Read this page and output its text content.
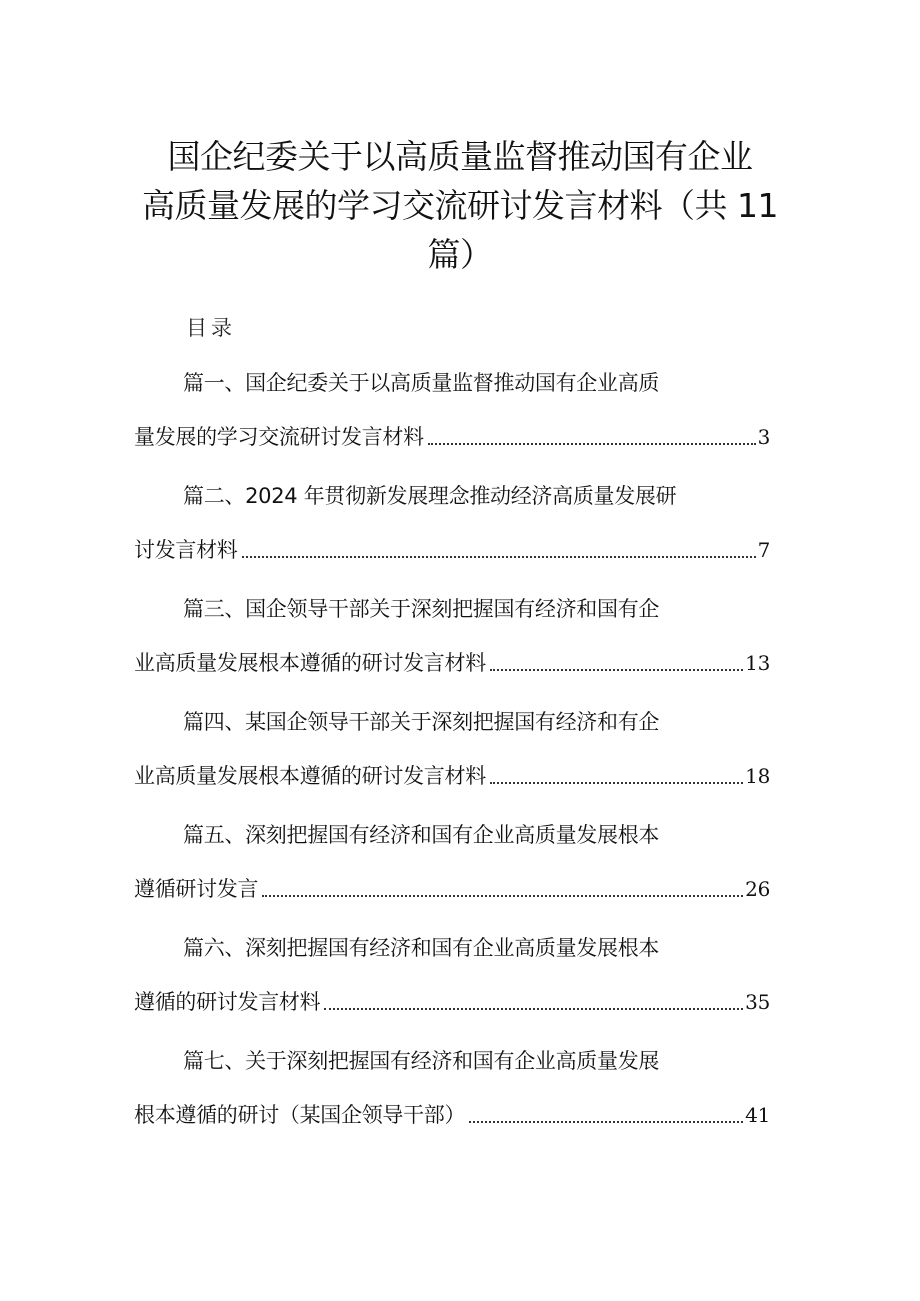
国企纪委关于以高质量监督推动国有企业
高质量发展的学习交流研讨发言材料（共 11
篇）
目录
篇一、国企纪委关于以高质量监督推动国有企业高质
量发展的学习交流研讨发言材料	3
篇二、2024 年贯彻新发展理念推动经济高质量发展研
讨发言材料	7
篇三、国企领导干部关于深刻把握国有经济和国有企
业高质量发展根本遵循的研讨发言材料	13
篇四、某国企领导干部关于深刻把握国有经济和有企
业高质量发展根本遵循的研讨发言材料	18
篇五、深刻把握国有经济和国有企业高质量发展根本
遵循研讨发言	26
篇六、深刻把握国有经济和国有企业高质量发展根本
遵循的研讨发言材料	35
篇七、关于深刻把握国有经济和国有企业高质量发展
根本遵循的研讨（某国企领导干部）	41
